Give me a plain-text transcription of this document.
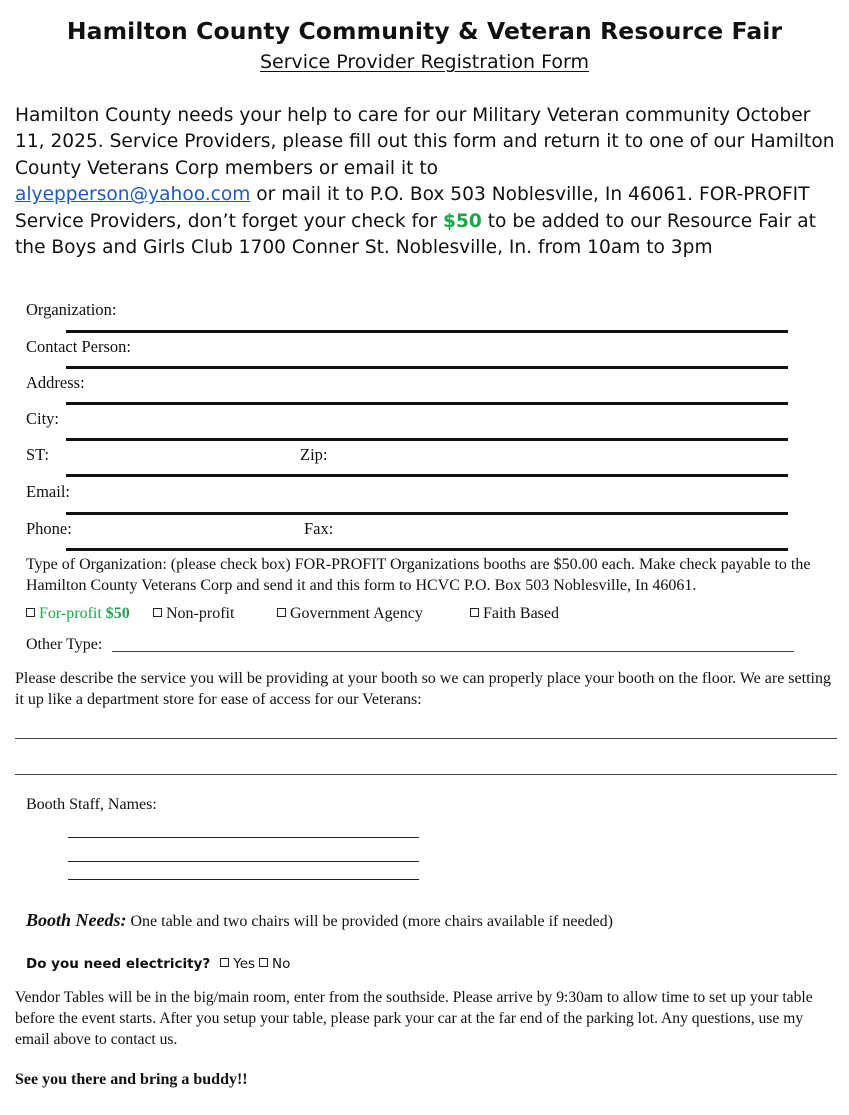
Hamilton County Community & Veteran Resource Fair
Service Provider Registration Form
Hamilton County needs your help to care for our Military Veteran community October 11, 2025. Service Providers, please fill out this form and return it to one of our Hamilton County Veterans Corp members or email it to
alyepperson@yahoo.com or mail it to P.O. Box 503 Noblesville, In 46061. FOR-PROFIT Service Providers, don’t forget your check for $50 to be added to our Resource Fair at the Boys and Girls Club 1700 Conner St. Noblesville, In. from 10am to 3pm
Organization:
Contact Person:
Address:
City:
ST:	Zip:
Email:
Phone:	Fax:
Type of Organization: (please check box) FOR-PROFIT Organizations booths are $50.00 each. Make check payable to the Hamilton County Veterans Corp and send it and this form to HCVC P.O. Box 503 Noblesville, In 46061.
For-profit $50	Non-profit	Government Agency	Faith Based
Other Type:
Please describe the service you will be providing at your booth so we can properly place your booth on the floor. We are setting it up like a department store for ease of access for our Veterans:
Booth Staff, Names:
Booth Needs: One table and two chairs will be provided (more chairs available if needed)
Do you need electricity? Yes No
Vendor Tables will be in the big/main room, enter from the southside. Please arrive by 9:30am to allow time to set up your table before the event starts. After you setup your table, please park your car at the far end of the parking lot. Any questions, use my email above to contact us.
See you there and bring a buddy!!
